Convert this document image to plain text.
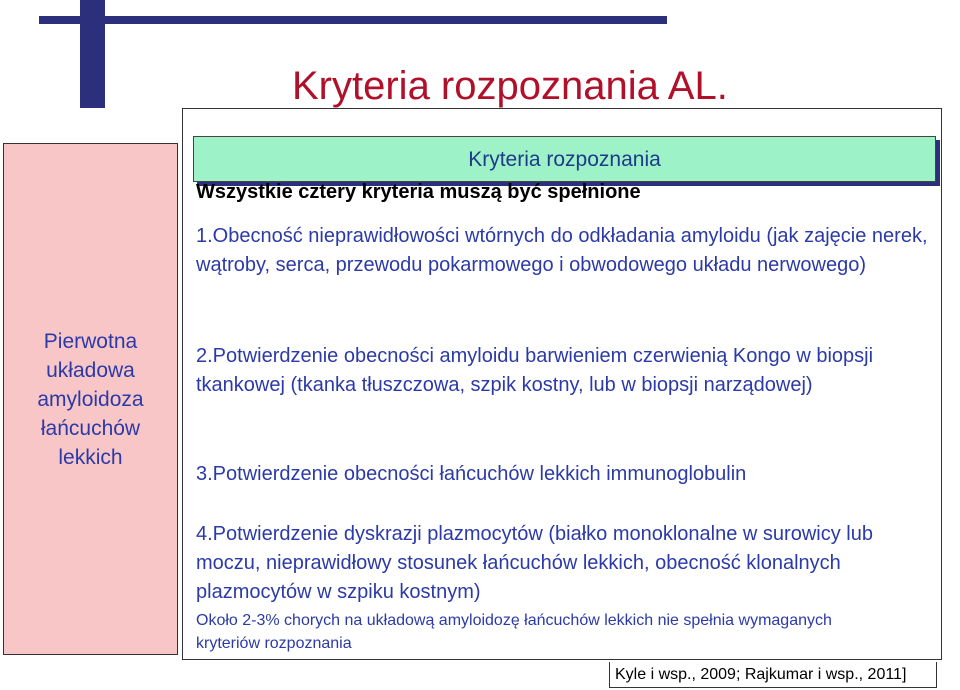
Kryteria rozpoznania AL.
Pierwotna
układowa
amyloidoza
łańcuchów
lekkich
Kryteria rozpoznania
Wszystkie cztery kryteria muszą być spełnione
1.Obecność nieprawidłowości wtórnych do odkładania amyloidu (jak zajęcie nerek, wątroby, serca, przewodu pokarmowego i obwodowego układu nerwowego)
2.Potwierdzenie obecności amyloidu barwieniem czerwienią Kongo w biopsji tkankowej (tkanka tłuszczowa, szpik kostny, lub w biopsji narządowej)
3.Potwierdzenie obecności łańcuchów lekkich immunoglobulin
4.Potwierdzenie dyskrazji plazmocytów (białko monoklonalne w surowicy lub moczu, nieprawidłowy stosunek łańcuchów lekkich, obecność klonalnych plazmocytów w szpiku kostnym)
Około 2-3% chorych na układową amyloidozę łańcuchów lekkich nie spełnia wymaganych kryteriów rozpoznania
Kyle i wsp., 2009; Rajkumar i wsp., 2011]
